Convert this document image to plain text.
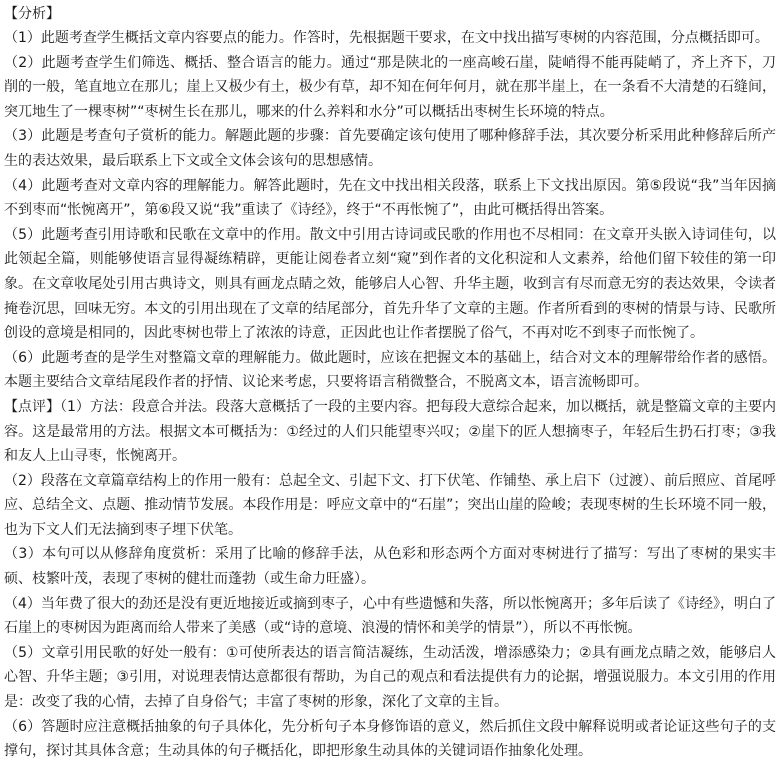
【分析】

（1）此题考查学生概括文章内容要点的能力。作答时，先根据题干要求，在文中找出描写枣树的内容范围，分点概括即可。

（2）此题考查学生们筛选、概括、整合语言的能力。通过“那是陕北的一座高峻石崖，陡峭得不能再陡峭了，齐上齐下，刀削的一般，笔直地立在那儿；崖上又极少有土，极少有草，却不知在何年何月，就在那半崖上，在一条看不大清楚的石缝间，突兀地生了一棵枣树”“枣树生长在那儿，哪来的什么养料和水分”可以概括出枣树生长环境的特点。

（3）此题是考查句子赏析的能力。解题此题的步骤：首先要确定该句使用了哪种修辞手法，其次要分析采用此种修辞后所产生的表达效果，最后联系上下文或全文体会该句的思想感情。

（4）此题考查对文章内容的理解能力。解答此题时，先在文中找出相关段落，联系上下文找出原因。第⑤段说“我”当年因摘不到枣而“怅惋离开”，第⑥段又说“我”重读了《诗经》，终于“不再怅惋了”，由此可概括得出答案。

（5）此题考查引用诗歌和民歌在文章中的作用。散文中引用古诗词或民歌的作用也不尽相同：在文章开头嵌入诗词佳句，以此领起全篇，则能够使语言显得凝练精辟，更能让阅卷者立刻“窥”到作者的文化积淀和人文素养，给他们留下较佳的第一印象。在文章收尾处引用古典诗文，则具有画龙点睛之效，能够启人心智、升华主题，收到言有尽而意无穷的表达效果，令读者掩卷沉思，回味无穷。本文的引用出现在了文章的结尾部分，首先升华了文章的主题。作者所看到的枣树的情景与诗、民歌所创设的意境是相同的，因此枣树也带上了浓浓的诗意，正因此也让作者摆脱了俗气，不再对吃不到枣子而怅惋了。

（6）此题考查的是学生对整篇文章的理解能力。做此题时，应该在把握文本的基础上，结合对文本的理解带给作者的感悟。本题主要结合文章结尾段作者的抒情、议论来考虑，只要将语言稍微整合，不脱离文本，语言流畅即可。

【点评】（1）方法：段意合并法。段落大意概括了一段的主要内容。把每段大意综合起来，加以概括，就是整篇文章的主要内容。这是最常用的方法。根据文本可概括为：①经过的人们只能望枣兴叹；②崖下的匠人想摘枣子，年轻后生扔石打枣；③我和友人上山寻枣，怅惋离开。

（2）段落在文章篇章结构上的作用一般有：总起全文、引起下文、打下伏笔、作铺垫、承上启下（过渡）、前后照应、首尾呼应、总结全文、点题、推动情节发展。本段作用是：呼应文章中的“石崖”；突出山崖的险峻；表现枣树的生长环境不同一般，也为下文人们无法摘到枣子埋下伏笔。

（3）本句可以从修辞角度赏析：采用了比喻的修辞手法，从色彩和形态两个方面对枣树进行了描写：写出了枣树的果实丰硕、枝繁叶茂，表现了枣树的健壮而蓬勃（或生命力旺盛）。

（4）当年费了很大的劲还是没有更近地接近或摘到枣子，心中有些遗憾和失落，所以怅惋离开；多年后读了《诗经》，明白了石崖上的枣树因为距离而给人带来了美感（或“诗的意境、浪漫的情怀和美学的情景”），所以不再怅惋。

（5）文章引用民歌的好处一般有：①可使所表达的语言简洁凝练，生动活泼，增添感染力；②具有画龙点睛之效，能够启人心智、升华主题；③引用，对说理表情达意都很有帮助，为自己的观点和看法提供有力的论据，增强说服力。本文引用的作用是：改变了我的心情，去掉了自身俗气；丰富了枣树的形象，深化了文章的主旨。

（6）答题时应注意概括抽象的句子具体化，先分析句子本身修饰语的意义，然后抓住文段中解释说明或者论证这些句子的支撑句，探讨其具体含意；生动具体的句子概括化，即把形象生动具体的关键词语作抽象化处理。
